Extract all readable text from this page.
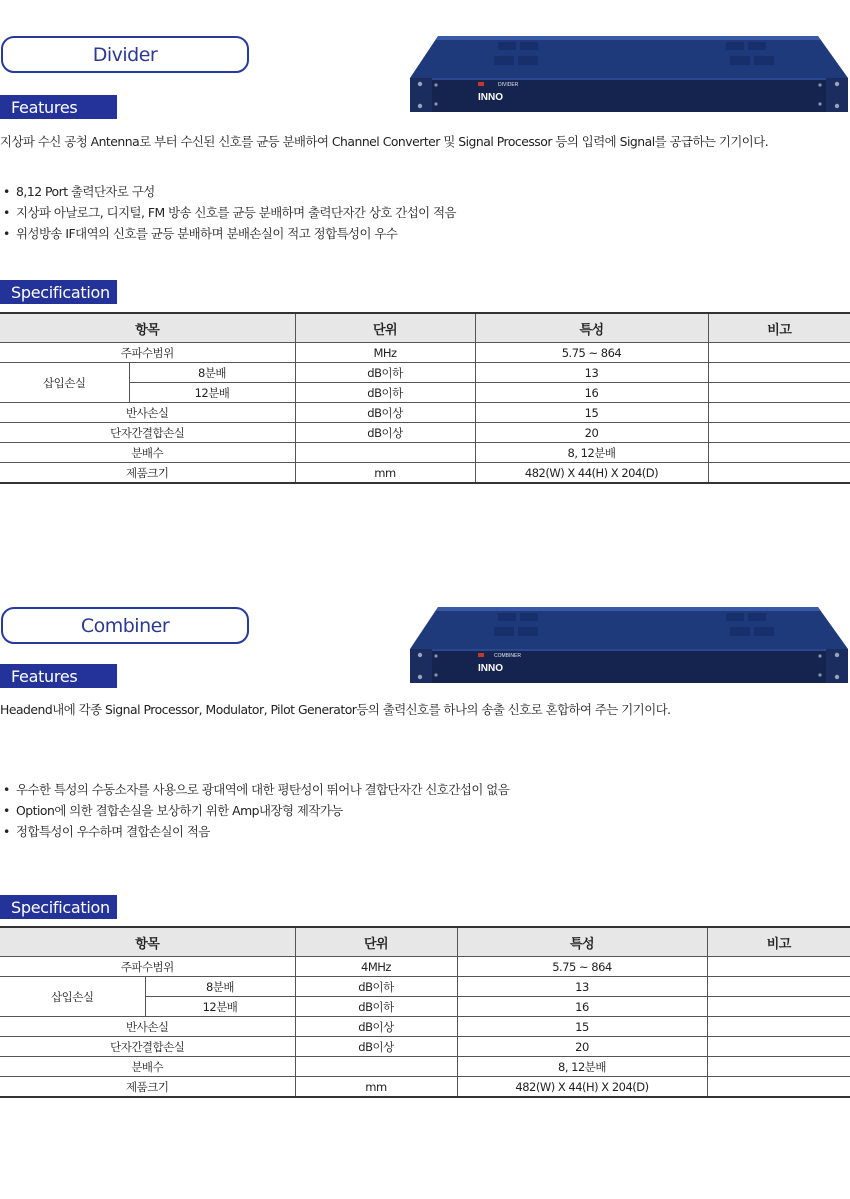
Divider
DIVIDER
INNO
Features
지상파 수신 공청 Antenna로 부터 수신된 신호를 균등 분배하여 Channel Converter 및 Signal Processor 등의 입력에 Signal를 공급하는 기기이다.
• 8,12 Port 출력단자로 구성
• 지상파 아날로그, 디지털, FM 방송 신호를 균등 분배하며 출력단자간 상호 간섭이 적음
• 위성방송 IF대역의 신호를 균등 분배하며 분배손실이 적고 정합특성이 우수
Specification
항목		단위	특성	비고
주파수범위		MHz	5.75 ~ 864	
삽입손실	8분배	dB이하	13	
	12분배	dB이하	16	
반사손실		dB이상	15	
단자간결합손실		dB이상	20	
분배수			8, 12분배	
제품크기		mm	482(W) X 44(H) X 204(D)	
Combiner
COMBINER
INNO
Features
Headend내에 각종 Signal Processor, Modulator, Pilot Generator등의 출력신호를 하나의 송출 신호로 혼합하여 주는 기기이다.
• 우수한 특성의 수동소자를 사용으로 광대역에 대한 평탄성이 뛰어나 결합단자간 신호간섭이 없음
• Option에 의한 결합손실을 보상하기 위한 Amp내장형 제작가능
• 정합특성이 우수하며 결합손실이 적음
Specification
항목		단위	특성	비고
주파수범위		4MHz	5.75 ~ 864	
삽입손실	8분배	dB이하	13	
	12분배	dB이하	16	
반사손실		dB이상	15	
단자간결합손실		dB이상	20	
분배수			8, 12분배	
제품크기		mm	482(W) X 44(H) X 204(D)	
